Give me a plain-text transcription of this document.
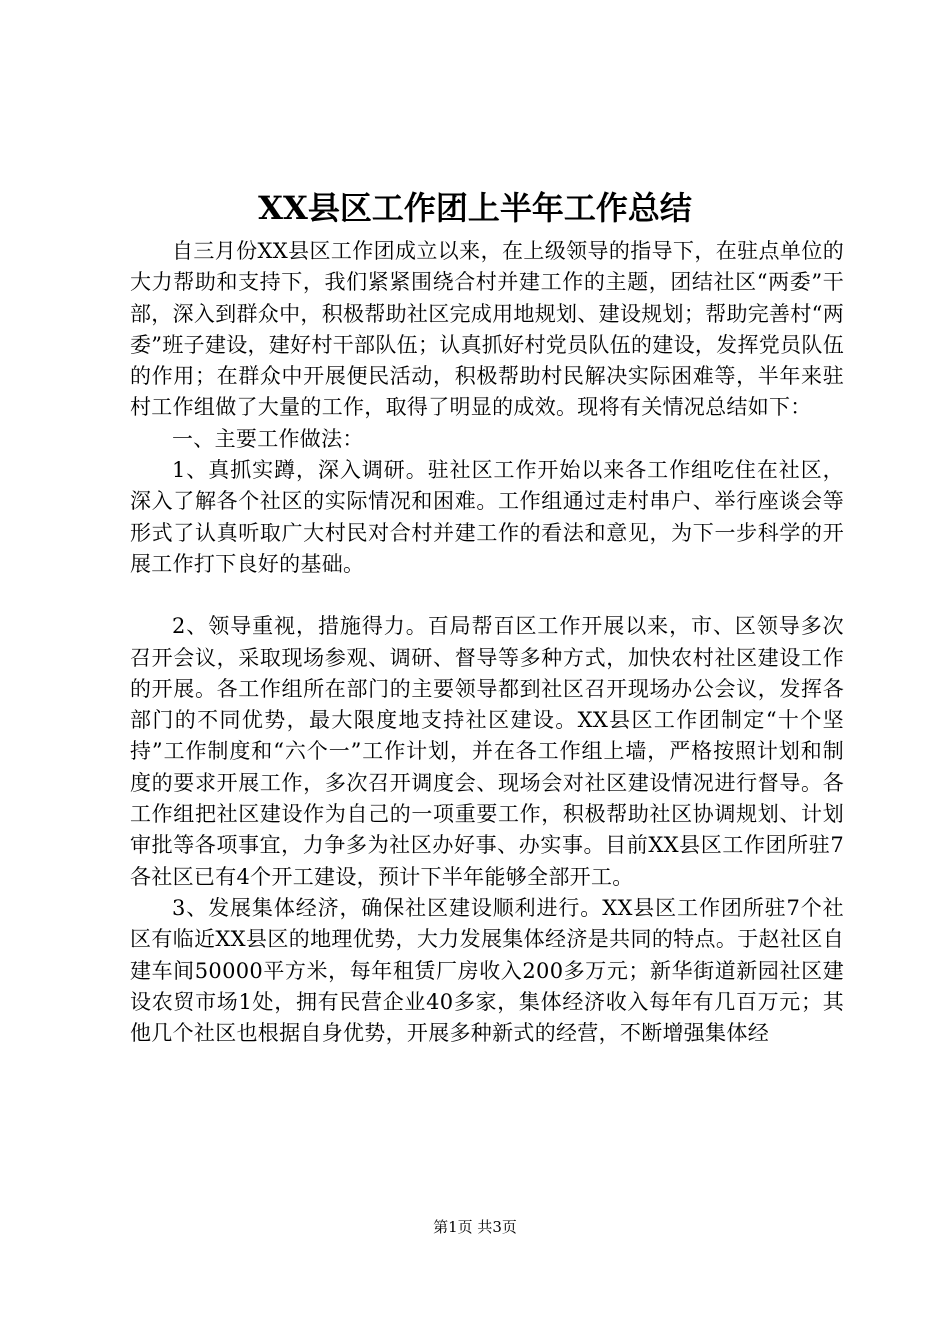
XX县区工作团上半年工作总结

自三月份XX县区工作团成立以来，在上级领导的指导下，在驻点单位的大力帮助和支持下，我们紧紧围绕合村并建工作的主题，团结社区“两委”干部，深入到群众中，积极帮助社区完成用地规划、建设规划；帮助完善村“两委”班子建设，建好村干部队伍；认真抓好村党员队伍的建设，发挥党员队伍的作用；在群众中开展便民活动，积极帮助村民解决实际困难等，半年来驻村工作组做了大量的工作，取得了明显的成效。现将有关情况总结如下：

一、主要工作做法：

1、真抓实蹲，深入调研。驻社区工作开始以来各工作组吃住在社区，深入了解各个社区的实际情况和困难。工作组通过走村串户、举行座谈会等形式了认真听取广大村民对合村并建工作的看法和意见，为下一步科学的开展工作打下良好的基础。

2、领导重视，措施得力。百局帮百区工作开展以来，市、区领导多次召开会议，采取现场参观、调研、督导等多种方式，加快农村社区建设工作的开展。各工作组所在部门的主要领导都到社区召开现场办公会议，发挥各部门的不同优势，最大限度地支持社区建设。XX县区工作团制定“十个坚持”工作制度和“六个一”工作计划，并在各工作组上墙，严格按照计划和制度的要求开展工作，多次召开调度会、现场会对社区建设情况进行督导。各工作组把社区建设作为自己的一项重要工作，积极帮助社区协调规划、计划审批等各项事宜，力争多为社区办好事、办实事。目前XX县区工作团所驻7各社区已有4个开工建设，预计下半年能够全部开工。

3、发展集体经济，确保社区建设顺利进行。XX县区工作团所驻7个社区有临近XX县区的地理优势，大力发展集体经济是共同的特点。于赵社区自建车间50000平方米，每年租赁厂房收入200多万元；新华街道新园社区建设农贸市场1处，拥有民营企业40多家，集体经济收入每年有几百万元；其他几个社区也根据自身优势，开展多种新式的经营，不断增强集体经

第1页 共3页
